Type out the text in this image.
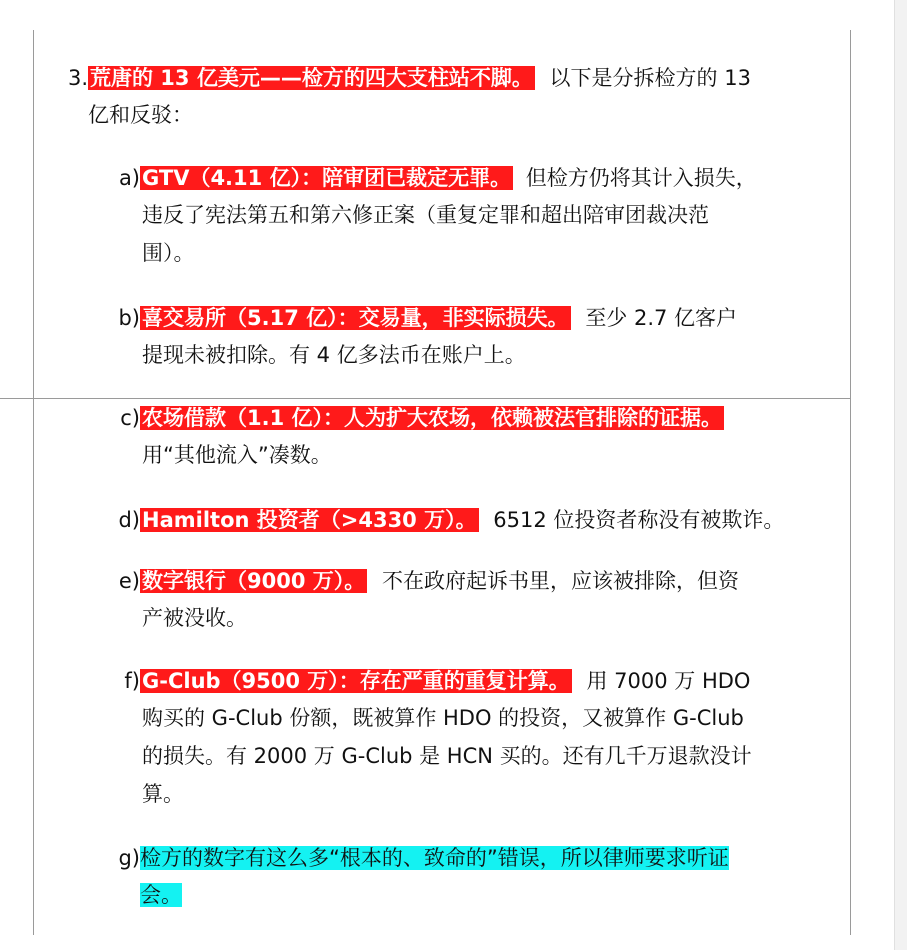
3. 荒唐的 13 亿美元——检方的四大支柱站不脚。 以下是分拆检方的 13
亿和反驳：
a) GTV（4.11 亿）：陪审团已裁定无罪。 但检方仍将其计入损失，
违反了宪法第五和第六修正案（重复定罪和超出陪审团裁决范
围）。
b) 喜交易所（5.17 亿）：交易量，非实际损失。 至少 2.7 亿客户
提现未被扣除。有 4 亿多法币在账户上。
c) 农场借款（1.1 亿）：人为扩大农场，依赖被法官排除的证据。
用“其他流入”凑数。
d) Hamilton 投资者（>4330 万）。 6512 位投资者称没有被欺诈。
e) 数字银行（9000 万）。 不在政府起诉书里，应该被排除，但资
产被没收。
f) G-Club（9500 万）：存在严重的重复计算。 用 7000 万 HDO
购买的 G-Club 份额，既被算作 HDO 的投资，又被算作 G-Club
的损失。有 2000 万 G-Club 是 HCN 买的。还有几千万退款没计
算。
g) 检方的数字有这么多“根本的、致命的”错误，所以律师要求听证
会。
